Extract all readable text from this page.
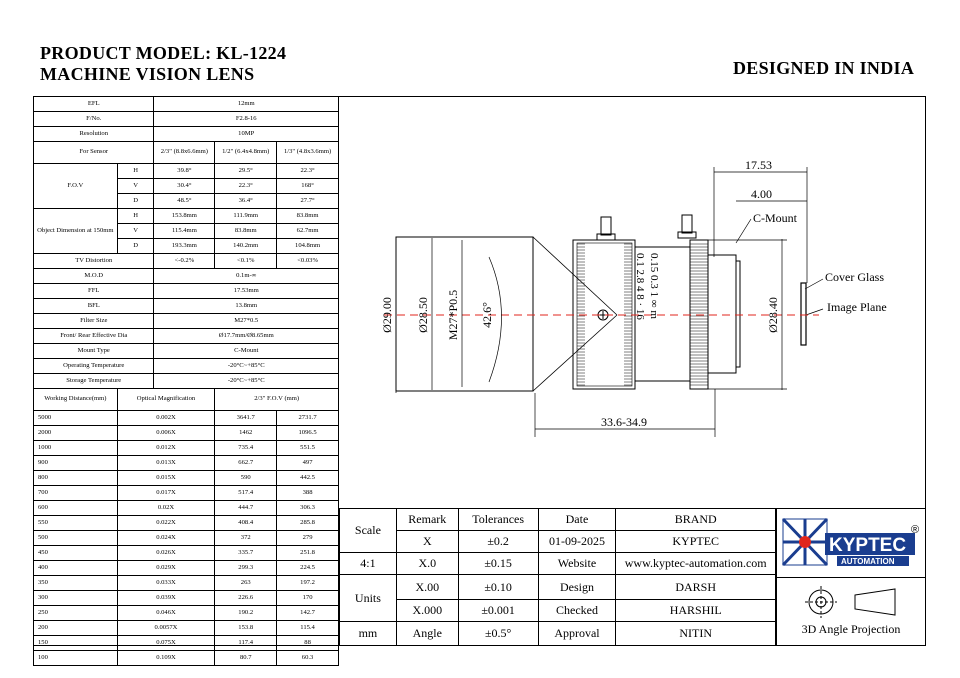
PRODUCT MODEL: KL-1224
MACHINE VISION LENS	DESIGNED IN INDIA
EFL		12mm		
F/No.		F2.8-16		
Resolution		10MP		
For Sensor		2/3" (8.8x6.6mm)	1/2" (6.4x4.8mm)	1/3" (4.8x3.6mm)
F.O.V	H	39.8°	29.5°	22.3°
	V	30.4°	22.3°	168°
	D	48.5°	36.4°	27.7°
Object Dimension at 150mm	H	153.8mm	111.9mm	83.8mm
	V	115.4mm	83.8mm	62.7mm
	D	193.3mm	140.2mm	104.8mm
TV Distortion		<-0.2%	<0.1%	<0.03%
M.O.D		0.1m-∞		
FFL		17.53mm		
BFL		13.8mm		
Filter Size		M27*0.5		
Front/ Rear Effective Dia		Ø17.7mm/Ø8.65mm		
Mount Type		C-Mount		
Operating Temperature		-20°C~+85°C		
Storage Temperature		-20°C~+85°C		
Working Distance(mm)	Optical Magnification		2/3" F.O.V (mm)	
5000	0.002X		3641.7	2731.7
2000	0.006X		1462	1096.5
1000	0.012X		735.4	551.5
900	0.013X		662.7	497
800	0.015X		590	442.5
700	0.017X		517.4	388
600	0.02X		444.7	306.3
550	0.022X		408.4	285.8
500	0.024X		372	279
450	0.026X		335.7	251.8
400	0.029X		299.3	224.5
350	0.033X		263	197.2
300	0.039X		226.6	170
250	0.046X		190.2	142.7
200	0.0057X		153.8	115.4
150	0.075X		117.4	88
100	0.109X		80.7	60.3
17.53
4.00
C-Mount
Cover Glass
Image Plane
33.6-34.9
Ø29.00 Ø28.50 M27*P0.5 42.6°	Ø28.40
0.1 2.8 4 8 · 16 0.15 0.3 1 ∞ m
Scale	Remark	Tolerances	Date	BRAND
	X	±0.2	01-09-2025	KYPTEC
4:1	X.0	±0.15	Website	www.kyptec-automation.com
Units	X.00	±0.10	Design	DARSH
	X.000	±0.001	Checked	HARSHIL
mm	Angle	±0.5°	Approval	NITIN
KYPTEC
®
AUTOMATION
3D Angle Projection
